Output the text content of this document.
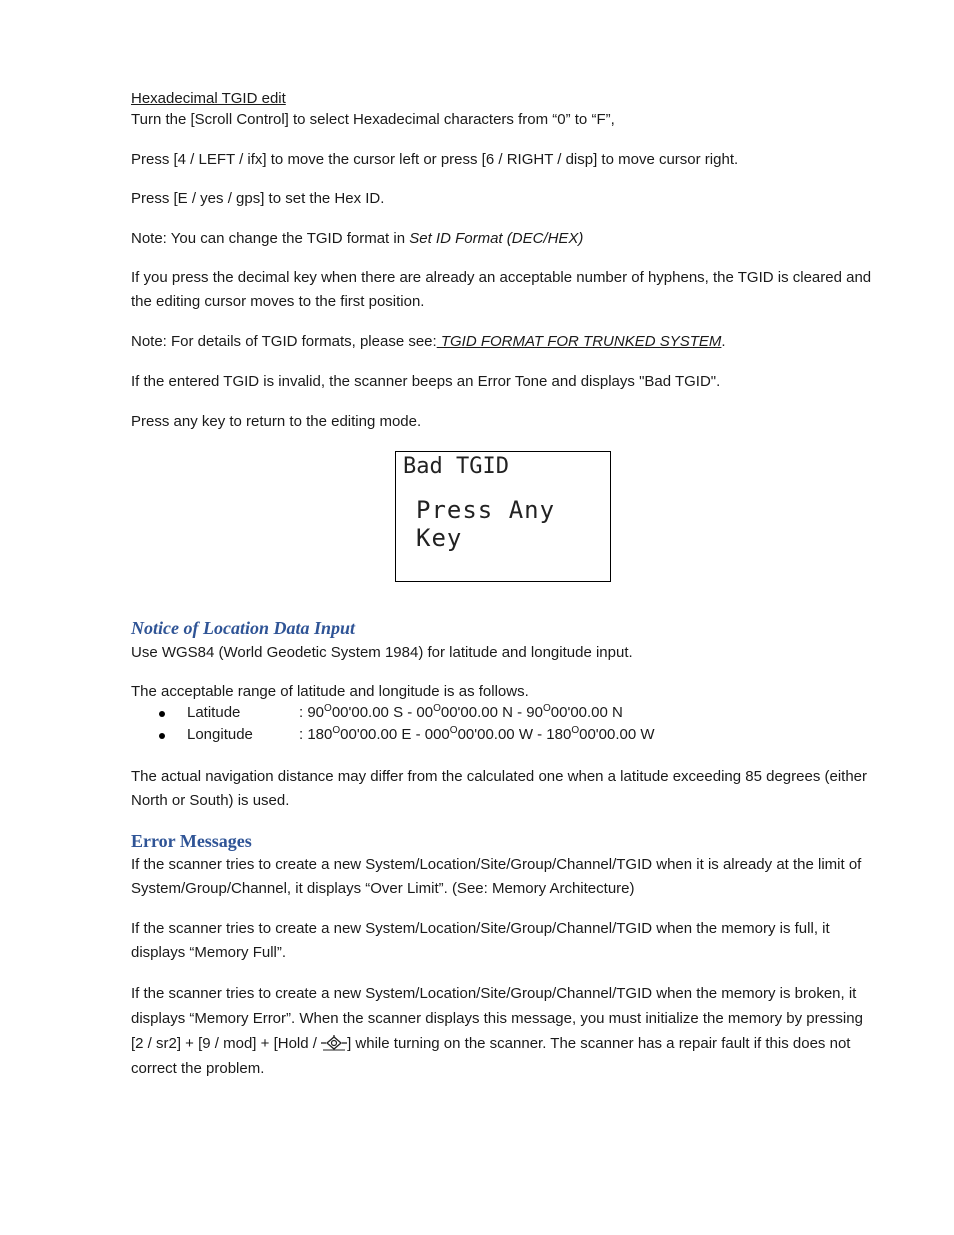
Hexadecimal TGID edit

Turn the [Scroll Control] to select Hexadecimal characters from “0” to “F”,

Press [4 / LEFT / ifx] to move the cursor left or press [6 / RIGHT / disp] to move cursor right.

Press [E / yes / gps] to set the Hex ID.

Note: You can change the TGID format in Set ID Format (DEC/HEX)

If you press the decimal key when there are already an acceptable number of hyphens, the TGID is cleared and the editing cursor moves to the first position.

Note: For details of TGID formats, please see: TGID FORMAT FOR TRUNKED SYSTEM.

If the entered TGID is invalid, the scanner beeps an Error Tone and displays "Bad TGID".

Press any key to return to the editing mode.

Bad TGID
Press Any Key
Notice of Location Data Input

Use WGS84 (World Geodetic System 1984) for latitude and longitude input.

The acceptable range of latitude and longitude is as follows.

Latitude	: $90^O00'00.00$ S - $00^O00'00.00$ N - $90^O00'00.00$ N
Longitude	: $180^O00'00.00$ E - $000^O00'00.00$ W - $180^O00'00.00$ W

The actual navigation distance may differ from the calculated one when a latitude exceeding 85 degrees (either North or South) is used.

Error Messages

If the scanner tries to create a new System/Location/Site/Group/Channel/TGID when it is already at the limit of System/Group/Channel, it displays “Over Limit”. (See: Memory Architecture)

If the scanner tries to create a new System/Location/Site/Group/Channel/TGID when the memory is full, it displays “Memory Full”.

If the scanner tries to create a new System/Location/Site/Group/Channel/TGID when the memory is broken, it displays “Memory Error”. When the scanner displays this message, you must initialize the memory by pressing [2 / sr2] + [9 / mod] + [Hold / ] while turning on the scanner. The scanner has a repair fault if this does not correct the problem.
